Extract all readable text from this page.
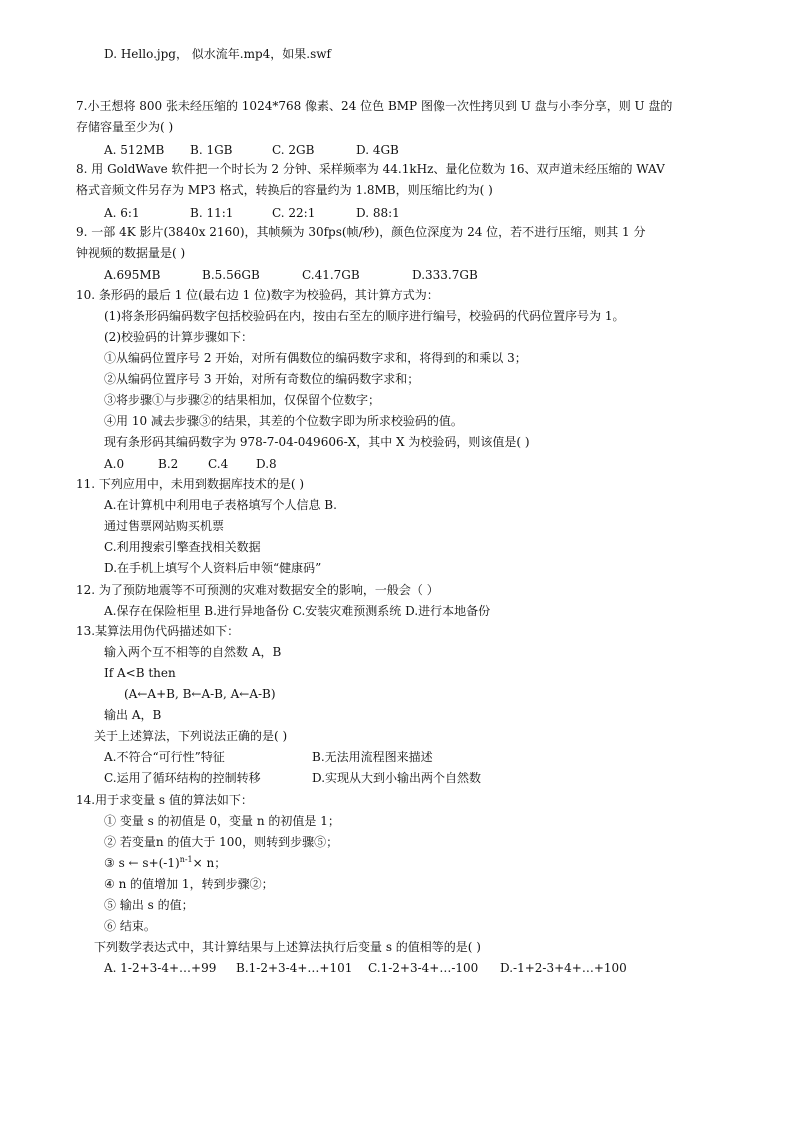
D. Hello.jpg， 似水流年.mp4，如果.swf
7.小王想将 800 张未经压缩的 1024*768 像素、24 位色 BMP 图像一次性拷贝到 U 盘与小李分享，则 U 盘的
存储容量至少为( )
A. 512MB B. 1GB	C. 2GB	D. 4GB
8. 用 GoldWave 软件把一个时长为 2 分钟、采样频率为 44.1kHz、量化位数为 16、双声道未经压缩的 WAV
格式音频文件另存为 MP3 格式，转换后的容量约为 1.8MB，则压缩比约为( )
A. 6:1	B. 11:1	C. 22:1	D. 88:1
9. 一部 4K 影片(3840x 2160)，其帧频为 30fps(帧/秒)，颜色位深度为 24 位，若不进行压缩，则其 1 分
钟视频的数据量是( )
A.695MB	B.5.56GB	C.41.7GB	D.333.7GB
10. 条形码的最后 1 位(最右边 1 位)数字为校验码，其计算方式为：
(1)将条形码编码数字包括校验码在内，按由右至左的顺序进行编号，校验码的代码位置序号为 1。
(2)校验码的计算步骤如下：
①从编码位置序号 2 开始，对所有偶数位的编码数字求和，将得到的和乘以 3；
②从编码位置序号 3 开始，对所有奇数位的编码数字求和；
③将步骤①与步骤②的结果相加，仅保留个位数字；
④用 10 减去步骤③的结果，其差的个位数字即为所求校验码的值。
现有条形码其编码数字为 978-7-04-049606-X，其中 X 为校验码，则该值是( )
A.0	B.2 C.4 D.8
11. 下列应用中，未用到数据库技术的是( )
A.在计算机中利用电子表格填写个人信息 B.
通过售票网站购买机票
C.利用搜索引擎查找相关数据
D.在手机上填写个人资料后申领“健康码”
12. 为了预防地震等不可预测的灾难对数据安全的影响，一般会（ ）
A.保存在保险柜里 B.进行异地备份 C.安装灾难预测系统 D.进行本地备份
13.某算法用伪代码描述如下：
输入两个互不相等的自然数 A，B
If A<B then
(A←A+B, B←A-B, A←A-B)
输出 A，B
关于上述算法，下列说法正确的是( )
A.不符合“可行性”特征	B.无法用流程图来描述
C.运用了循环结构的控制转移	D.实现从大到小输出两个自然数
14.用于求变量 s 值的算法如下：
① 变量 s 的初值是 0，变量 n 的初值是 1；
② 若变量n 的值大于 100，则转到步骤⑤；
③ s ← $s+(-1)^{n-1}\times n$；
④ n 的值增加 1，转到步骤②；
⑤ 输出 s 的值；
⑥ 结束。
下列数学表达式中，其计算结果与上述算法执行后变量 s 的值相等的是( )
A. 1-2+3-4+…+99 B.1-2+3-4+…+101 C.1-2+3-4+…-100 D.-1+2-3+4+…+100
